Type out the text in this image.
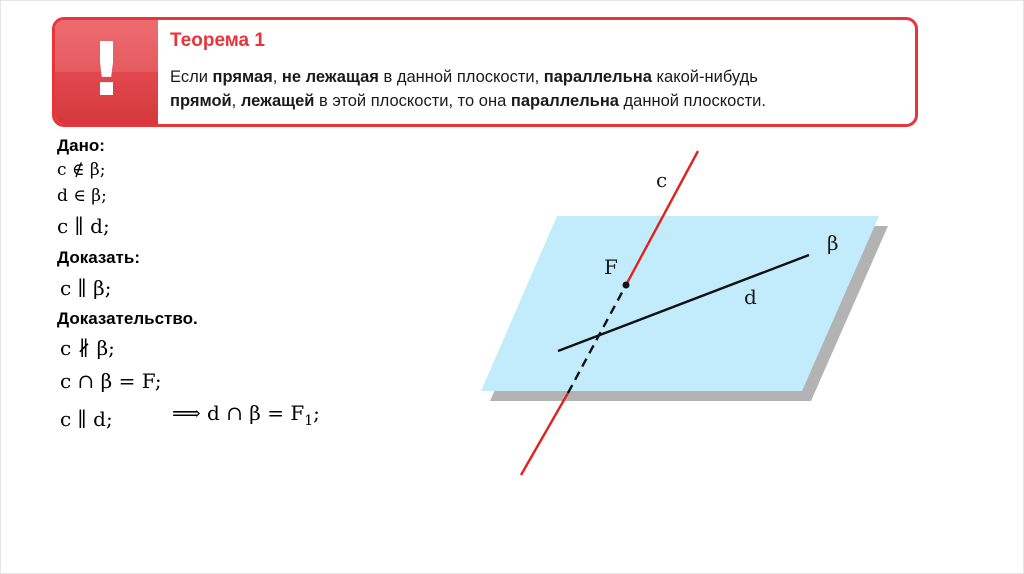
!	Теорема 1
Если прямая, не лежащая в данной плоскости, параллельна какой-нибудь
прямой, лежащей в этой плоскости, то она параллельна данной плоскости.
Дано:
c ∉ β;
d ∈ β;
c ∥ d;
Доказать:
c ∥ β;
Доказательство.
c ∦ β;
c ∩ β = F;
c ∥ d;	⟹ d ∩ $\beta = F_1$;
c
β
F
d
